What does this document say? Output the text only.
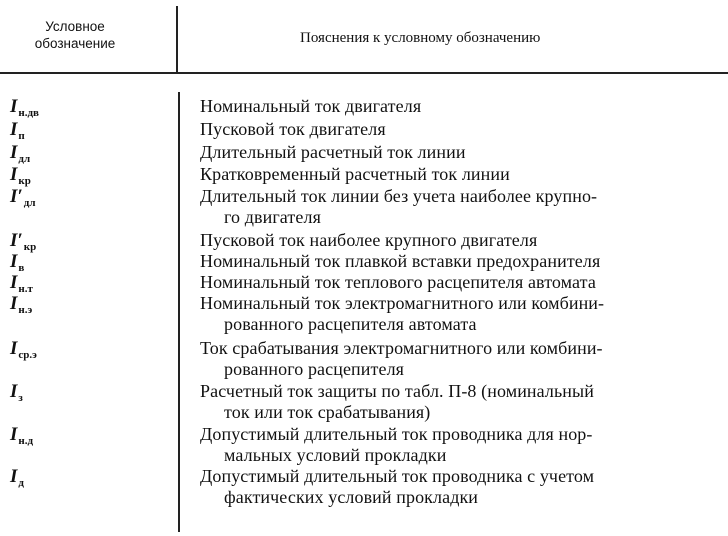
Условное
обозначение	Пояснения к условному обозначению
$I_{н.дв}$	Номинальный ток двигателя
$I_п$	Пусковой ток двигателя
$I_{дл}$	Длительный расчетный ток линии
$I_{кр}$	Кратковременный расчетный ток линии
$I'_{дл}$	Длительный ток линии без учета наиболее крупно-
го двигателя
$I'_{кр}$	Пусковой ток наиболее крупного двигателя
$I_в$	Номинальный ток плавкой вставки предохранителя
$I_{н.т}$	Номинальный ток теплового расцепителя автомата
$I_{н.э}$	Номинальный ток электромагнитного или комбини-
рованного расцепителя автомата
$I_{ср.э}$	Ток срабатывания электромагнитного или комбини-
рованного расцепителя
$I_з$	Расчетный ток защиты по табл. П-8 (номинальный
ток или ток срабатывания)
$I_{н.д}$	Допустимый длительный ток проводника для нор-
мальных условий прокладки
$I_д$	Допустимый длительный ток проводника с учетом
фактических условий прокладки
